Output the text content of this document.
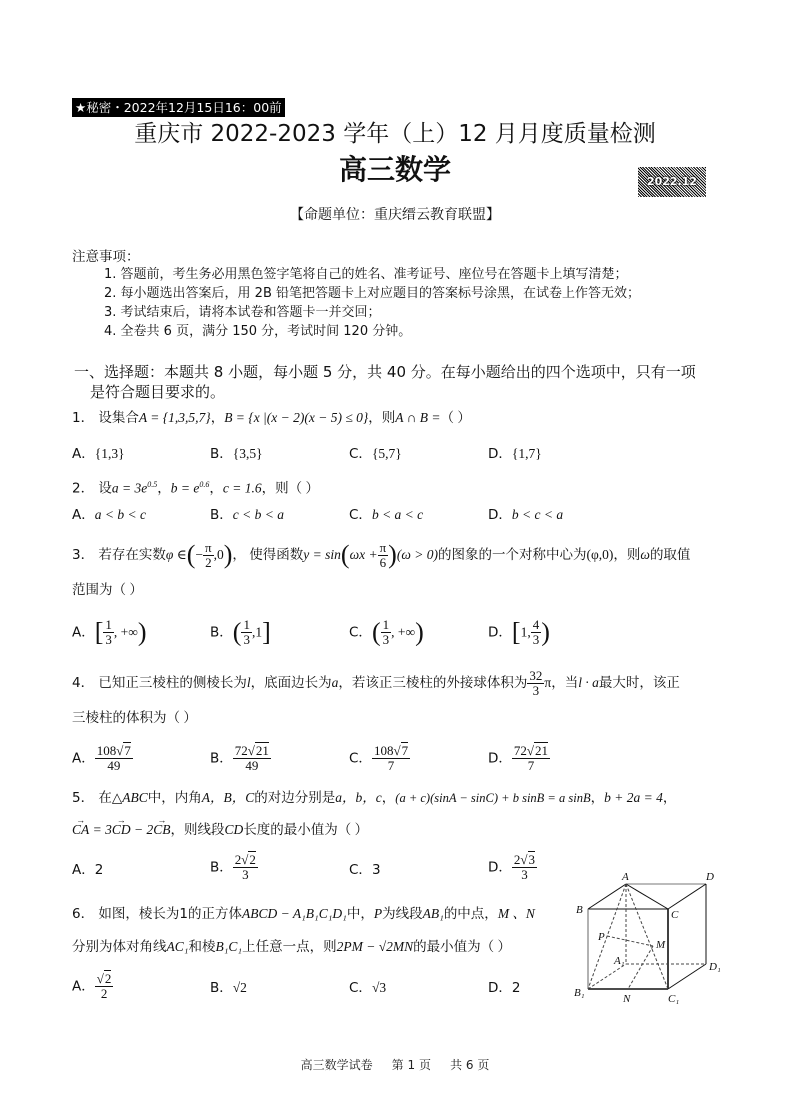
★秘密・2022年12月15日16：00前
重庆市 2022-2023 学年（上）12 月月度质量检测
高三数学	2022.12
【命题单位：重庆缙云教育联盟】
注意事项：
1. 答题前，考生务必用黑色签字笔将自己的姓名、准考证号、座位号在答题卡上填写清楚；
2. 每小题选出答案后，用 2B 铅笔把答题卡上对应题目的答案标号涂黑，在试卷上作答无效；
3. 考试结束后，请将本试卷和答题卡一并交回；
4. 全卷共 6 页，满分 150 分，考试时间 120 分钟。
一、选择题：本题共 8 小题，每小题 5 分，共 40 分。在每小题给出的四个选项中，只有一项
是符合题目要求的。
1． 设集合A = {1,3,5,7}，B = {x |(x − 2)(x − 5) ≤ 0}，则A ∩ B =（ ）
A．{1,3}	B．{3,5}	C．{5,7}	D．{1,7}
2． 设$a = 3e^{0.5}$，$b = e^{0.6}$，c = 1.6，则（ ）
A．a < b < c	B．c < b < a	C．b < a < c	D．b < c < a
3． 若存在实数φ ∈(− $\frac{\pi}{2} ,0$)， 使得函数$y = \sin(\omega x + \frac{\pi}{6} )(\omega > 0)$的图象的一个对称中心为(φ,0)，则ω的取值
范围为（ ）
A．[ $\frac{1}{3}$ , +∞)	B．( $\frac{1}{3} ,1$]	C．( $\frac{1}{3}$ , +∞)	D．[1, $\frac{4}{3}$ )
4． 已知正三棱柱的侧棱长为l，底面边长为a，若该正三棱柱的外接球体积为 $\frac{32}{3}$ π，当l · a最大时，该正
三棱柱的体积为（ ）
A． $\frac{108√7}{49}$	B． $\frac{72√21}{49}$	C． $\frac{108√7}{7}$	D． $\frac{72√21}{7}$
5． 在△ABC中，内角A，B，C的对边分别是a，b，c，(a + c)(sinA − sinC) + b sinB = a sinB，b + 2a = 4，
→ CA = 3→ CD − 2→ CB，则线段CD长度的最小值为（ ）
A．2	B． $\frac{2√2}{3}$	C．3	D． $\frac{2√3}{3}$
6． 如图，棱长为1的正方体ABCD − A₁B₁C₁D₁中，P为线段AB₁的中点，M 、N
分别为体对角线AC₁和棱B₁C₁上任意一点，则2PM − √2MN的最小值为（ ）
A． $\frac{√2}{2}$	B．√2	C．√3	D．2
A	D
B	C
P
M
A₁	D₁
B₁	N	C₁
高三数学试卷 第 1 页 共 6 页
